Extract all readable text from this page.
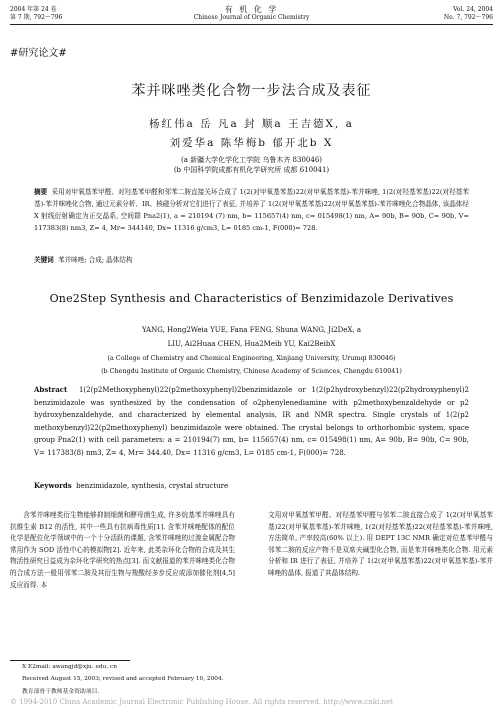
2004 年第 24 卷
第 7 期, 792～796
有 机 化 学
Chinese Journal of Organic Chemistry
Vol. 24, 2004
No. 7, 792～796
#研究论文#
苯并咪唑类化合物一步法合成及表征
杨红伟a 岳 凡a 封 顺a 王吉德X, a
刘爱华a 陈华梅b 郁开北b X
(a 新疆大学化学化工学院 乌鲁木齐 830046)
(b 中国科学院成都有机化学研究所 成都 610041)
摘要 采用对甲氧基苯甲醛、对羟基苯甲醛和邻苯二胺直接关环合成了 1(2(对甲氧基苯基)22(对甲氧基苯基)-苯并咪唑, 1(2(对羟基苯基)22(对羟基苯基)-苯并咪唑化合物, 通过元素分析、IR、核磁分析对它们进行了表征, 并培养了 1(2(对甲氧基苯基)22(对甲氧基苯基)-苯并咪唑化合物晶体, 该晶体经 X 射线衍射确定为正交晶系, 空间群 Pna2(1), a = 210194 (7) nm, b= 115657(4) nm, c= 015498(1) nm, A= 90b, B= 90b, C= 90b, V= 117383(8) nm3, Z= 4, Mr= 344140, Dx= 11316 g/cm3, L= 0185 cm-1, F(000)= 728.
关键词 苯并咪唑; 合成; 晶体结构
One2Step Synthesis and Characteristics of Benzimidazole Derivatives
YANG, Hong2Weia YUE, Fana FENG, Shuna WANG, Ji2DeX, a
LIU, Ai2Huaa CHEN, Hua2Meib YU, Kai2BeibX
(a College of Chemistry and Chemical Engineering, Xinjiang University, Urumqi 830046)
(b Chengdu Institute of Organic Chemistry, Chinese Academy of Sciences, Chengdu 610041)
Abstract 1(2(p2Methoxyphenyl)22(p2methoxyphenyl)2benzimidazole or 1(2(p2hydroxybenzyl)22(p2hydroxyphenyl)2 benzimidazole was synthesized by the condensation of o2phenylenediamine with p2methoxybenzaldehyde or p2 hydroxybenzaldehyde, and characterized by elemental analysis, IR and NMR spectra. Single crystals of 1(2(p2 methoxybenzyl)22(p2methoxyphenyl) benzimidazole were obtained. The crystal belongs to orthorhombic system, space group Pna2(1) with cell parameters: a = 210194(7) nm, b= 115657(4) nm, c= 015498(1) nm, A= 90b, B= 90b, C= 90b, V= 117383(8) nm3, Z= 4, Mr= 344.40, Dx= 11316 g/cm3, L= 0185 cm-1, F(000)= 728.
Keywords benzimidazole, synthesis, crystal structure

含苯并咪唑类衍生物能够抑制细菌和酵母菌生成, 许多烷基苯并咪唑具有抗维生素 B12 的活性, 其中一些具有抗病毒性质[1]. 含苯并咪唑配体的配位化学是配位化学领域中的一个十分活跃的课题, 含苯并咪唑的过渡金属配合物常用作为 SOD 活性中心的模拟物[2]. 近年来, 此类杂环化合物的合成及其生物活性研究日益成为杂环化学研究的热点[3]. 而文献报道的苯并咪唑类化合物的合成方法一般用邻苯二胺及其衍生物与羧酸经多步反应或添加催化剂[4,5]反应而得. 本

文用对甲氧基苯甲醛、对羟基苯甲醛与邻苯二胺直接合成了 1(2(对甲氧基苯基)22(对甲氧基苯基)-苯并咪唑, 1(2(对羟基苯基)22(对羟基苯基)-苯并咪唑, 方法简单, 产率较高(60% 以上). 用 DEPT 13C NMR 确定对位基苯甲醛与邻苯二胺的反应产物不是双席夫碱型化合物, 而是苯并咪唑类化合物. 用元素分析和 IR 进行了表征, 并培养了 1(2(对甲氧基苯基)22(对甲氧基苯基)-苯并咪唑的晶体, 报道了其晶体结构.

X E2mail: awangjd@xju. edu. cn
Received August 15, 2003; revised and accepted February 10, 2004.
教育部骨干教师基金资助项目.
© 1994-2010 China Academic Journal Electronic Publishing House. All rights reserved. http://www.cnki.net
